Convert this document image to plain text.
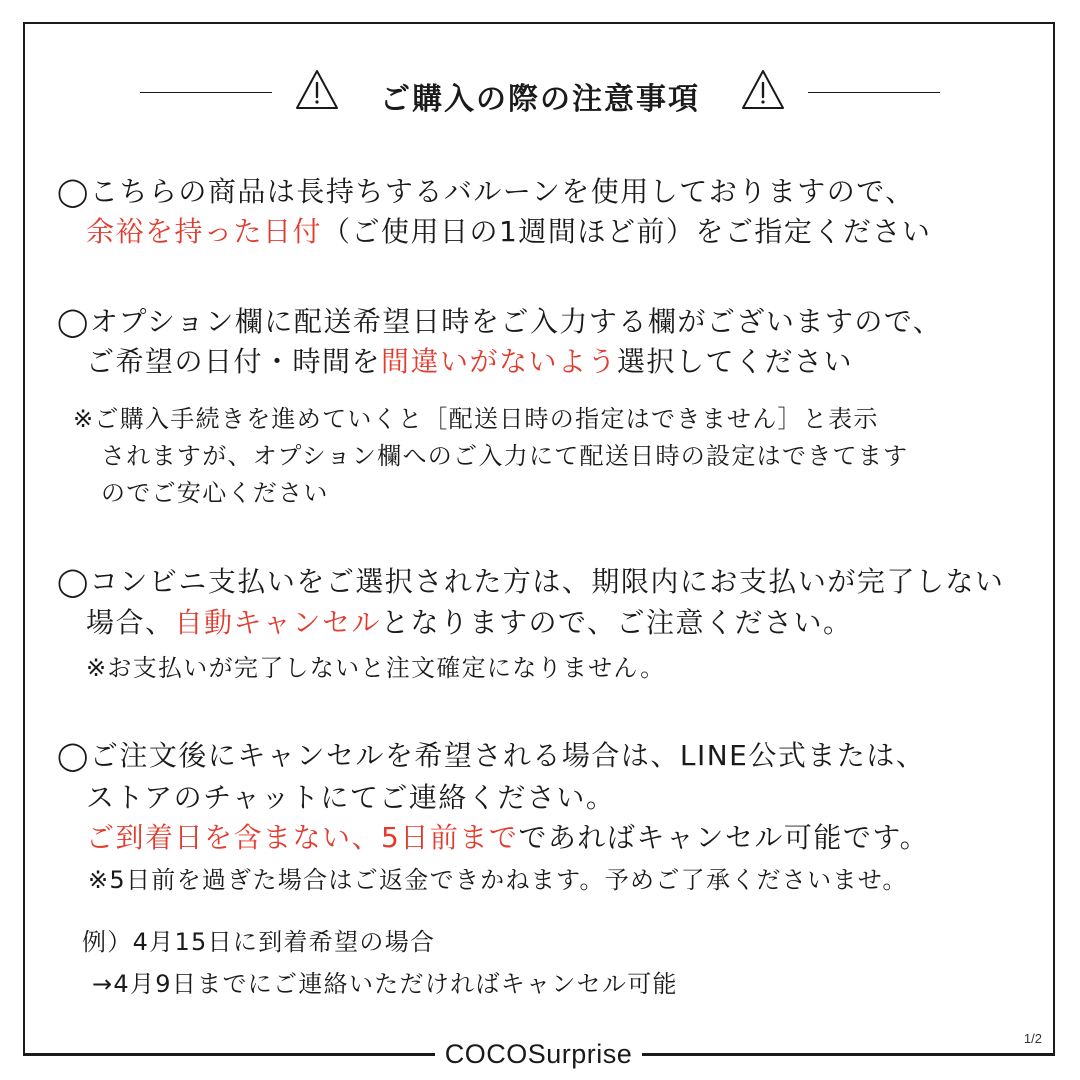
ご購入の際の注意事項
◯こちらの商品は長持ちするバルーンを使用しておりますので、
余裕を持った日付（ご使用日の1週間ほど前）をご指定ください
◯オプション欄に配送希望日時をご入力する欄がございますので、
ご希望の日付・時間を間違いがないよう選択してください
※ご購入手続きを進めていくと［配送日時の指定はできません］と表示
されますが、オプション欄へのご入力にて配送日時の設定はできてます
のでご安心ください
◯コンビニ支払いをご選択された方は、期限内にお支払いが完了しない
場合、自動キャンセルとなりますので、ご注意ください。
※お支払いが完了しないと注文確定になりません。
◯ご注文後にキャンセルを希望される場合は、LINE公式または、
ストアのチャットにてご連絡ください。
ご到着日を含まない、5日前までであればキャンセル可能です。
※5日前を過ぎた場合はご返金できかねます。予めご了承くださいませ。
例）4月15日に到着希望の場合
→4月9日までにご連絡いただければキャンセル可能
COCOSurprise
1/2
